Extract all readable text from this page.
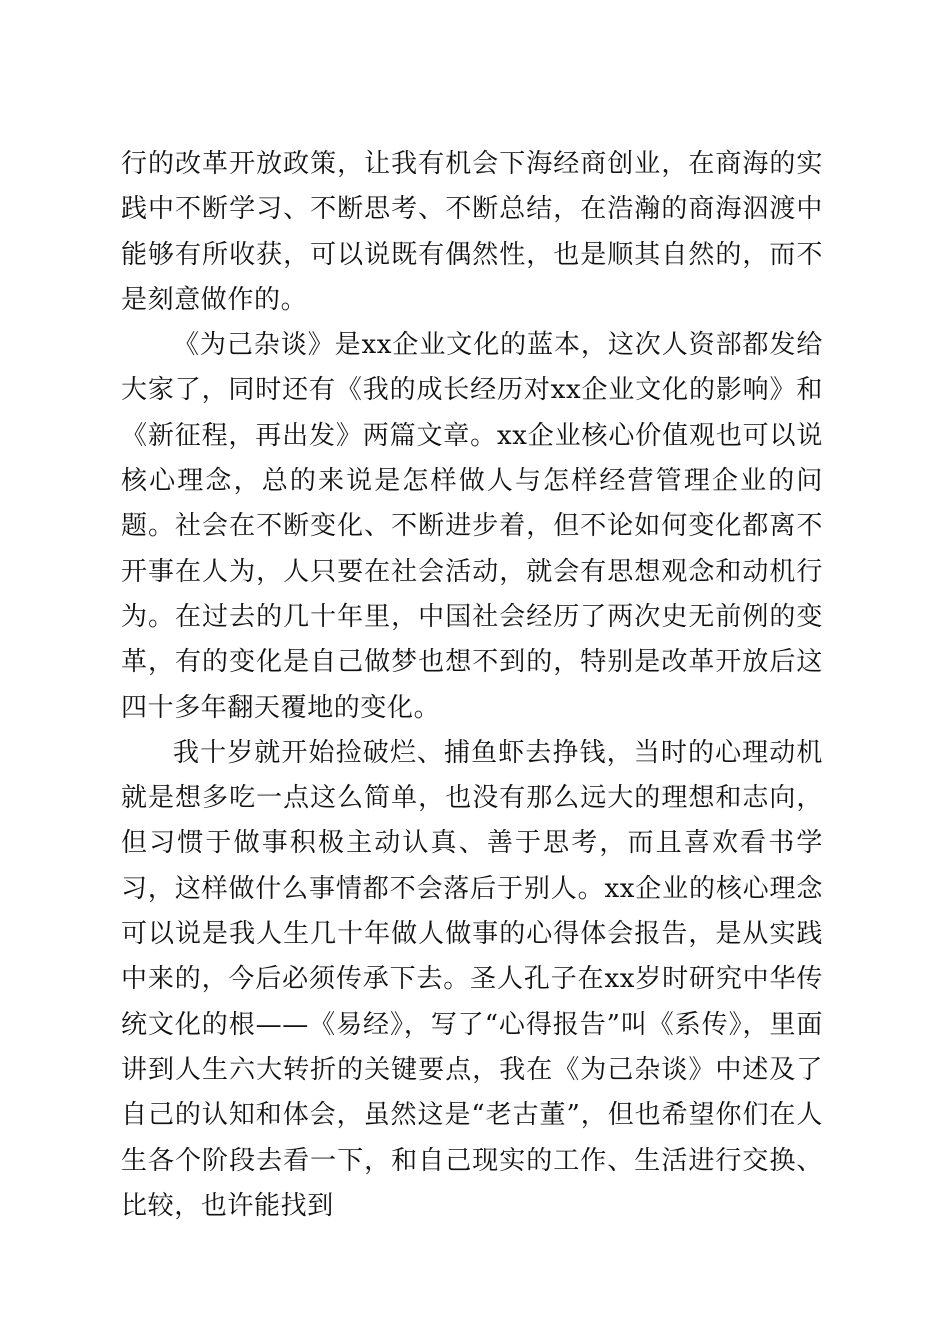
行的改革开放政策，让我有机会下海经商创业，在商海的实践中不断学习、不断思考、不断总结，在浩瀚的商海泅渡中能够有所收获，可以说既有偶然性，也是顺其自然的，而不是刻意做作的。

《为己杂谈》是xx企业文化的蓝本，这次人资部都发给大家了，同时还有《我的成长经历对xx企业文化的影响》和《新征程，再出发》两篇文章。xx企业核心价值观也可以说核心理念，总的来说是怎样做人与怎样经营管理企业的问题。社会在不断变化、不断进步着，但不论如何变化都离不开事在人为，人只要在社会活动，就会有思想观念和动机行为。在过去的几十年里，中国社会经历了两次史无前例的变革，有的变化是自己做梦也想不到的，特别是改革开放后这四十多年翻天覆地的变化。

我十岁就开始捡破烂、捕鱼虾去挣钱，当时的心理动机就是想多吃一点这么简单，也没有那么远大的理想和志向，但习惯于做事积极主动认真、善于思考，而且喜欢看书学习，这样做什么事情都不会落后于别人。xx企业的核心理念可以说是我人生几十年做人做事的心得体会报告，是从实践中来的，今后必须传承下去。圣人孔子在xx岁时研究中华传统文化的根——《易经》，写了“心得报告”叫《系传》，里面讲到人生六大转折的关键要点，我在《为己杂谈》中述及了自己的认知和体会，虽然这是“老古董”，但也希望你们在人生各个阶段去看一下，和自己现实的工作、生活进行交换、比较，也许能找到
